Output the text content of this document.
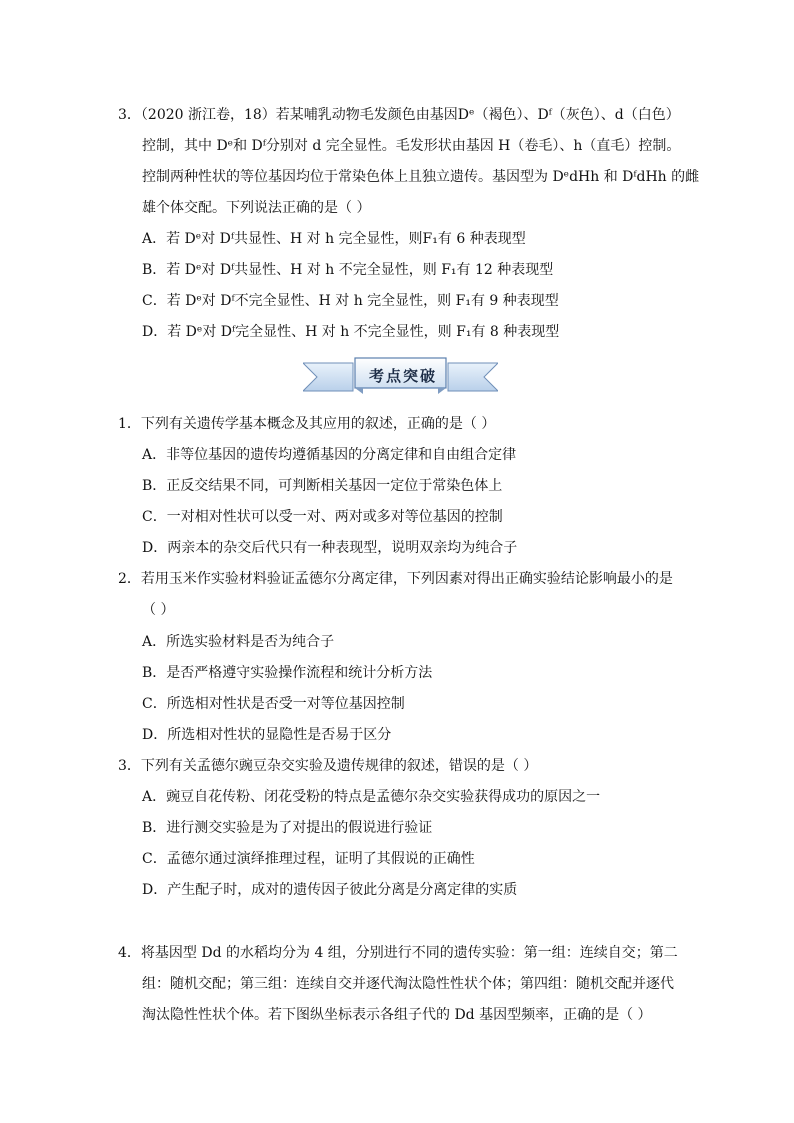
3．（2020 浙江卷，18）若某哺乳动物毛发颜色由基因Dᵉ（褐色）、Dᶠ（灰色）、d（白色）
控制，其中 Dᵉ和 Dᶠ分别对 d 完全显性。毛发形状由基因 H（卷毛）、h（直毛）控制。
控制两种性状的等位基因均位于常染色体上且独立遗传。基因型为 DᵉdHh 和 DᶠdHh 的雌
雄个体交配。下列说法正确的是（ ）
A．若 Dᵉ对 Dᶠ共显性、H 对 h 完全显性，则F₁有 6 种表现型
B．若 Dᵉ对 Dᶠ共显性、H 对 h 不完全显性，则 F₁有 12 种表现型
C．若 Dᵉ对 Dᶠ不完全显性、H 对 h 完全显性，则 F₁有 9 种表现型
D．若 Dᵉ对 Dᶠ完全显性、H 对 h 不完全显性，则 F₁有 8 种表现型
考点突破
1．下列有关遗传学基本概念及其应用的叙述，正确的是（ ）
A．非等位基因的遗传均遵循基因的分离定律和自由组合定律
B．正反交结果不同，可判断相关基因一定位于常染色体上
C．一对相对性状可以受一对、两对或多对等位基因的控制
D．两亲本的杂交后代只有一种表现型，说明双亲均为纯合子
2．若用玉米作实验材料验证孟德尔分离定律，下列因素对得出正确实验结论影响最小的是
（ ）
A．所选实验材料是否为纯合子
B．是否严格遵守实验操作流程和统计分析方法
C．所选相对性状是否受一对等位基因控制
D．所选相对性状的显隐性是否易于区分
3．下列有关孟德尔豌豆杂交实验及遗传规律的叙述，错误的是（ ）
A．豌豆自花传粉、闭花受粉的特点是孟德尔杂交实验获得成功的原因之一
B．进行测交实验是为了对提出的假说进行验证
C．孟德尔通过演绎推理过程，证明了其假说的正确性
D．产生配子时，成对的遗传因子彼此分离是分离定律的实质
4．将基因型 Dd 的水稻均分为 4 组，分别进行不同的遗传实验：第一组：连续自交；第二
组：随机交配；第三组：连续自交并逐代淘汰隐性性状个体；第四组：随机交配并逐代
淘汰隐性性状个体。若下图纵坐标表示各组子代的 Dd 基因型频率，正确的是（ ）
